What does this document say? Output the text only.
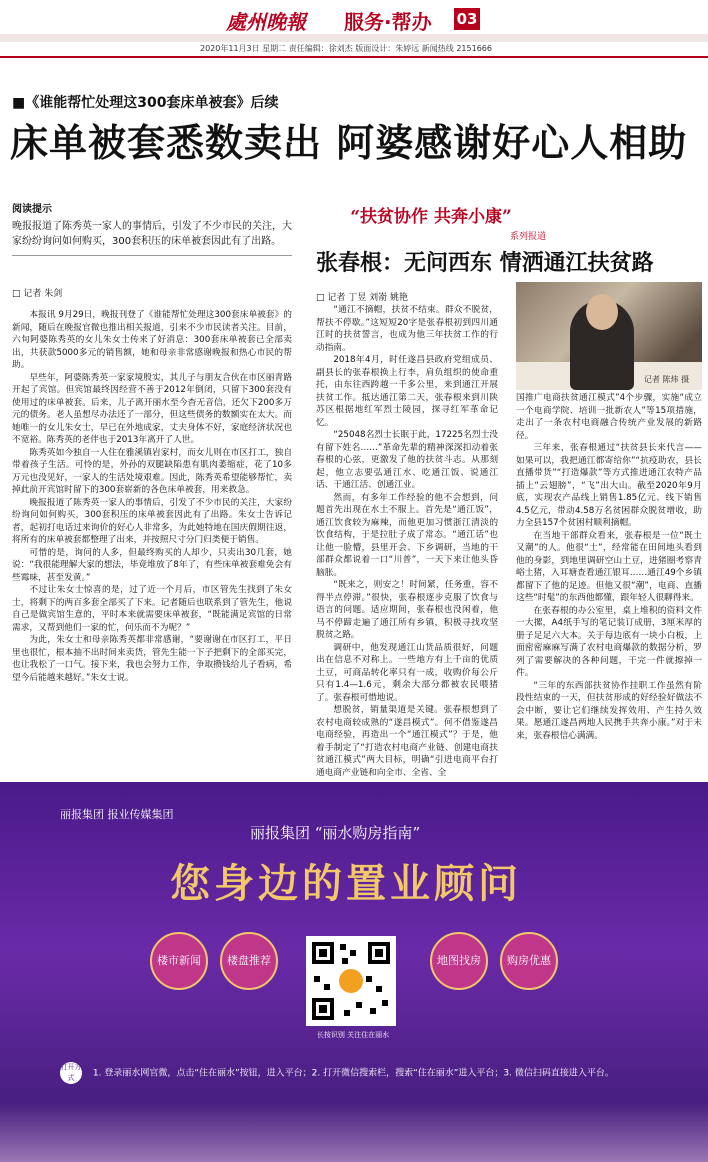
處州晚報 服务·帮办 03
2020年11月3日 星期二 责任编辑：徐刘杰 版面设计：朱婷远 新闻热线 2151666
■《谁能帮忙处理这300套床单被套》后续
床单被套悉数卖出 阿婆感谢好心人相助
阅读提示
晚报报道了陈秀英一家人的事情后，引发了不少市民的关注，大家纷纷询问如何购买，300套积压的床单被套因此有了出路。
□ 记者 朱剑

本报讯 9月29日，晚报刊登了《谁能帮忙处理这300套床单被套》的新闻，随后在晚报官微也推出相关报道，引来不少市民读者关注。目前，六旬阿婆陈秀英的女儿朱女士传来了好消息：300套床单被套已全部卖出，共获款5000多元的销售额，她和母亲非常感谢晚报和热心市民的帮助。

早些年，阿婆陈秀英一家家境殷实，其儿子与朋友合伙在市区丽青路开起了宾馆。但宾馆最终因经营不善于2012年倒闭，只留下300套没有使用过的床单被套。后来，儿子离开丽水至今杳无音信，还欠下200多万元的债务。老人虽想尽办法还了一部分，但这些债务的数额实在太大。而她唯一的女儿朱女士，早已在外地成家，丈夫身体不好，家庭经济状况也不宽裕。陈秀英的老伴也于2013年离开了人世。

陈秀英如今独自一人住在雅溪镇岩家村，而女儿则在市区打工，独自带着孩子生活。可怜的是，外孙的双腿缺陷患有肌肉萎缩症，花了10多万元也没见好，一家人的生活处境艰难。因此，陈秀英希望能够帮忙，卖掉此前开宾馆时留下的300套崭新的各色床单被套，用来救急。

晚报报道了陈秀英一家人的事情后，引发了不少市民的关注，大家纷纷询问如何购买，300套积压的床单被套因此有了出路。朱女士告诉记者，起初打电话过来询价的好心人非常多，为此她特地在国庆假期往返，将所有的床单被套都整理了出来，并按照尺寸分门归类便于销售。

可惜的是，询问的人多，但最终购买的人却少，只卖出30几套，她说：“我很能理解大家的想法，毕竟堆放了8年了，有些床单被套难免会有些霉味，甚至发黄。”

不过让朱女士惊喜的是，过了近一个月后，市区管先生找到了朱女士，将剩下的两百多套全部买了下来。记者随后也联系到了管先生，他说自己是做宾馆生意的，平时本来就需要床单被套，“既能满足宾馆的日常需求，又帮到他们一家的忙，何乐而不为呢？”

为此，朱女士和母亲陈秀英都非常感谢，“要谢谢在市区打工，平日里也很忙，根本抽不出时间来卖货，管先生能一下子把剩下的全部买完，也让我松了一口气。接下来，我也会努力工作，争取攒钱给儿子看病，希望今后能越来越好。”朱女士说。

“扶贫协作 共奔小康”
系列报道
张春根：无问西东 情洒通江扶贫路
□ 记者 丁昱 刘嵛 姚艳
记者 陈炜 摄

“通江不摘帽，扶贫不结束。群众不脱贫，帮扶不停歇。”这短短20字是张春根初到四川通江时的扶贫誓言，也成为他三年扶贫工作的行动指南。

2018年4月，时任遂昌县政府党组成员、副县长的张春根换上行李，肩负组织的使命重托，由东往西跨越一千多公里，来到通江开展扶贫工作。抵达通江第二天，张春根来到川陕苏区根据地红军烈士陵园，探寻红军革命记忆。

“25048名烈士长眠于此，17225名烈士没有留下姓名……”革命先辈的精神深深扣动着张春根的心弦，更激发了他的扶贫斗志。从那刻起，他立志要弘通江水、吃通江饭、说通江话、干通江活、创通江业。

然而，有多年工作经验的他不会想到，问题首先出现在水土不服上。首先是“通江饭”，通江饮食较为麻辣，而他更加习惯浙江清淡的饮食结构，于是拉肚子成了常态。“通江话”也让他一脸懵，县里开会、下乡调研，当地的干部群众都说着一口“川普”，一天下来让他头昏脑胀。

“既来之，则安之！时间紧，任务重，容不得半点停滞。”很快，张春根逐步克服了饮食与语言的问题。适应期间，张春根也没闲着，他马不停蹄走遍了通江所有乡镇，积极寻找攻坚脱贫之路。

调研中，他发现通江山货品质很好，问题出在信息不对称上。一些地方有上千亩的优质土豆，可商品转化率只有一成，收购价每公斤只有1.4—1.6元，剩余大部分都被农民喂猪了。张春根可惜地说。

想脱贫，销量渠道是关键。张春根想到了农村电商较成熟的“遂昌模式”。何不借鉴遂昌电商经验，再造出一个“通江模式”？于是，他着手制定了“打造农村电商产业链、创建电商扶贫通江模式”两大目标，明确“引进电商平台打通电商产业链和向全市、全省、全

国推广电商扶贫通江模式”4个步骤，实施“成立一个电商学院、培训一批新农人”等15项措施，走出了一条农村电商融合传统产业发展的新路径。

三年来，张春根通过“扶贫县长来代言——如果可以，我把通江都寄给你”“抗疫助农，县长直播带货”“打造爆款”等方式推进通江农特产品插上“云翅膀”，“飞”出大山。截至2020年9月底，实现农产品线上销售1.85亿元、线下销售4.5亿元，带动4.58万名贫困群众脱贫增收，助力全县157个贫困村顺利摘帽。

在当地干部群众看来，张春根是一位“既土又潮”的人。他很“土”，经常能在田间地头看到他的身影，到地里调研空山土豆，进猪圈考察青峪土猪，入耳塘查看通江银耳……通江49个乡镇都留下了他的足迹。但他又很“潮”，电商、直播这些“时髦”的东西他都懂，跟年轻人很聊得来。

在张春根的办公室里，桌上堆积的资料文件一大摞，A4纸手写的笔记装订成册，3厘米厚的册子足足六大本。关于每边底有一块小白板，上面密密麻麻写满了农村电商爆款的数据分析，罗列了需要解决的各种问题，干完一件就擦掉一件。

“三年的东西部扶贫协作挂职工作虽然有阶段性结束的一天，但扶贫形成的好经验好做法不会中断，要让它们继续发挥效用、产生持久效果。愿通江遂昌两地人民携手共奔小康。”对于未来，张春根信心满满。

丽报集团 报业传媒集团
丽报集团 “丽水购房指南”
您身边的置业顾问
楼市新闻	楼盘推荐	地图找房	购房优惠
长按识别 关注住在丽水
打开方式 1. 登录丽水网官微，点击“住在丽水”按钮，进入平台；2. 打开微信搜索栏，搜索“住在丽水”进入平台；3. 微信扫码直接进入平台。
